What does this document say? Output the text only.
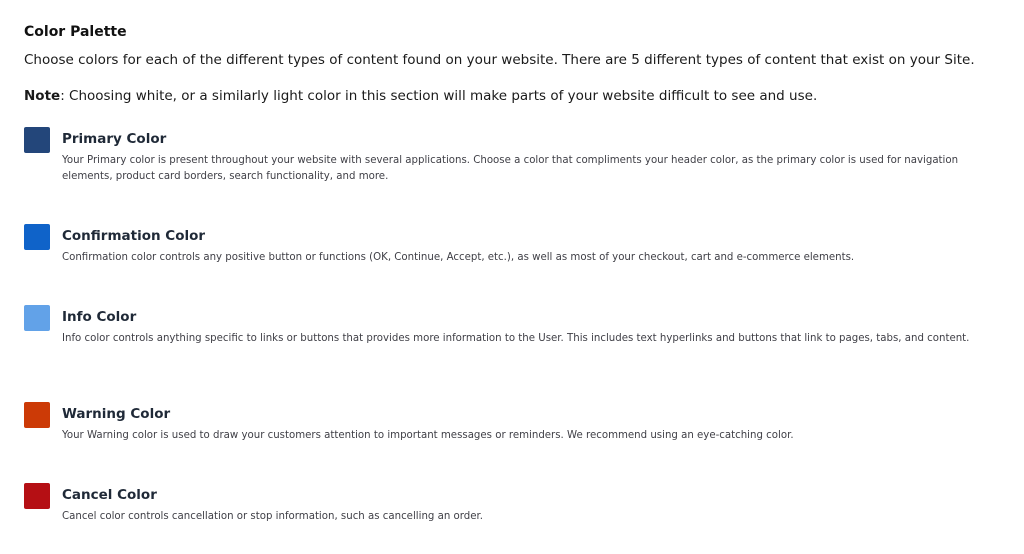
Color Palette

Choose colors for each of the different types of content found on your website. There are 5 different types of content that exist on your Site.

Note: Choosing white, or a similarly light color in this section will make parts of your website difficult to see and use.

Primary Color
Your Primary color is present throughout your website with several applications. Choose a color that compliments your header color, as the primary color is used for navigation elements, product card borders, search functionality, and more.
Confirmation Color
Confirmation color controls any positive button or functions (OK, Continue, Accept, etc.), as well as most of your checkout, cart and e-commerce elements.
Info Color
Info color controls anything specific to links or buttons that provides more information to the User. This includes text hyperlinks and buttons that link to pages, tabs, and content.
Warning Color
Your Warning color is used to draw your customers attention to important messages or reminders. We recommend using an eye-catching color.
Cancel Color
Cancel color controls cancellation or stop information, such as cancelling an order.
